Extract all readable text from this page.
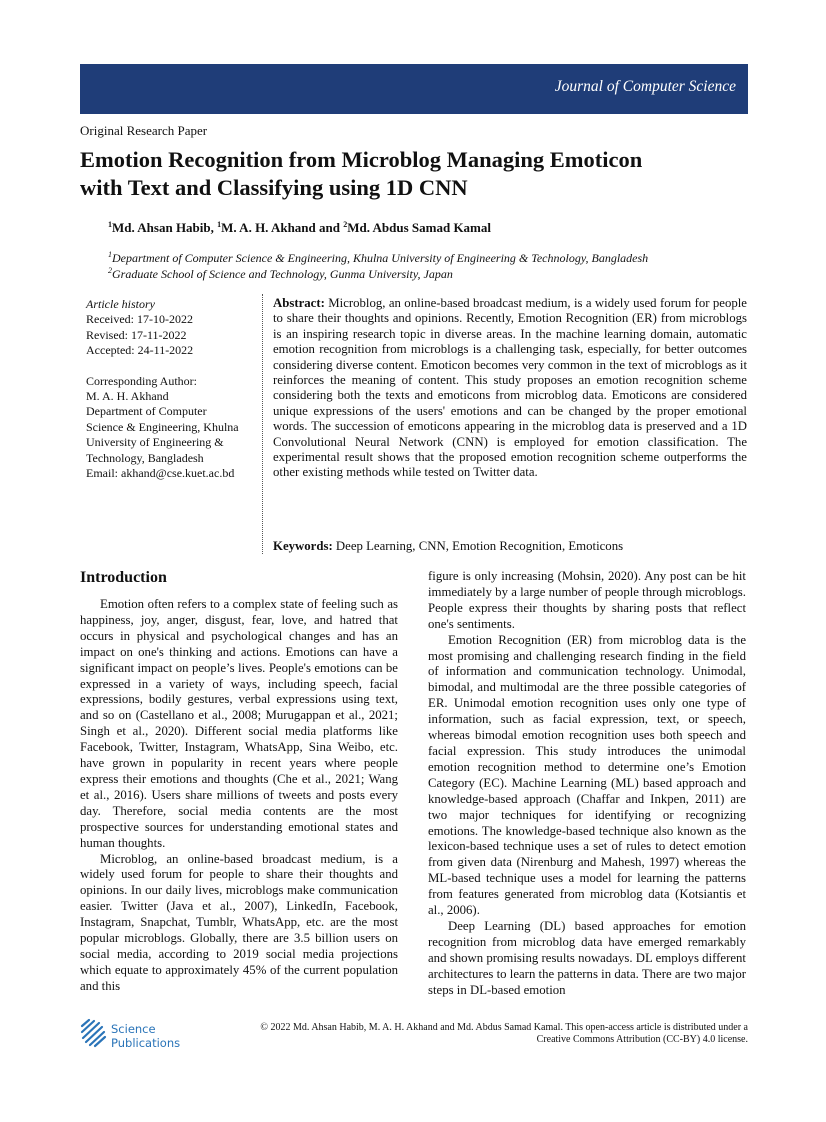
Journal of Computer Science
Original Research Paper
Emotion Recognition from Microblog Managing Emoticon
with Text and Classifying using 1D CNN
$^1$Md. Ahsan Habib, $^1$M. A. H. Akhand and $^2$Md. Abdus Samad Kamal
$^1$Department of Computer Science & Engineering, Khulna University of Engineering & Technology, Bangladesh
$^2$Graduate School of Science and Technology, Gunma University, Japan
Article history
Received: 17-10-2022
Revised: 17-11-2022
Accepted: 24-11-2022
Corresponding Author:
M. A. H. Akhand
Department of Computer
Science & Engineering, Khulna
University of Engineering &
Technology, Bangladesh
Email: akhand@cse.kuet.ac.bd

Abstract: Microblog, an online-based broadcast medium, is a widely used forum for people to share their thoughts and opinions. Recently, Emotion Recognition (ER) from microblogs is an inspiring research topic in diverse areas. In the machine learning domain, automatic emotion recognition from microblogs is a challenging task, especially, for better outcomes considering diverse content. Emoticon becomes very common in the text of microblogs as it reinforces the meaning of content. This study proposes an emotion recognition scheme considering both the texts and emoticons from microblog data. Emoticons are considered unique expressions of the users' emotions and can be changed by the proper emotional words. The succession of emoticons appearing in the microblog data is preserved and a 1D Convolutional Neural Network (CNN) is employed for emotion classification. The experimental result shows that the proposed emotion recognition scheme outperforms the other existing methods while tested on Twitter data.

Keywords: Deep Learning, CNN, Emotion Recognition, Emoticons
Introduction

Emotion often refers to a complex state of feeling such as happiness, joy, anger, disgust, fear, love, and hatred that occurs in physical and psychological changes and has an impact on one's thinking and actions. Emotions can have a significant impact on people’s lives. People's emotions can be expressed in a variety of ways, including speech, facial expressions, bodily gestures, verbal expressions using text, and so on (Castellano et al., 2008; Murugappan et al., 2021; Singh et al., 2020). Different social media platforms like Facebook, Twitter, Instagram, WhatsApp, Sina Weibo, etc. have grown in popularity in recent years where people express their emotions and thoughts (Che et al., 2021; Wang et al., 2016). Users share millions of tweets and posts every day. Therefore, social media contents are the most prospective sources for understanding emotional states and human thoughts.

Microblog, an online-based broadcast medium, is a widely used forum for people to share their thoughts and opinions. In our daily lives, microblogs make communication easier. Twitter (Java et al., 2007), LinkedIn, Facebook, Instagram, Snapchat, Tumblr, WhatsApp, etc. are the most popular microblogs. Globally, there are 3.5 billion users on social media, according to 2019 social media projections which equate to approximately 45% of the current population and this

figure is only increasing (Mohsin, 2020). Any post can be hit immediately by a large number of people through microblogs. People express their thoughts by sharing posts that reflect one's sentiments.

Emotion Recognition (ER) from microblog data is the most promising and challenging research finding in the field of information and communication technology. Unimodal, bimodal, and multimodal are the three possible categories of ER. Unimodal emotion recognition uses only one type of information, such as facial expression, text, or speech, whereas bimodal emotion recognition uses both speech and facial expression. This study introduces the unimodal emotion recognition method to determine one’s Emotion Category (EC). Machine Learning (ML) based approach and knowledge-based approach (Chaffar and Inkpen, 2011) are two major techniques for identifying or recognizing emotions. The knowledge-based technique also known as the lexicon-based technique uses a set of rules to detect emotion from given data (Nirenburg and Mahesh, 1997) whereas the ML-based technique uses a model for learning the patterns from features generated from microblog data (Kotsiantis et al., 2006).

Deep Learning (DL) based approaches for emotion recognition from microblog data have emerged remarkably and shown promising results nowadays. DL employs different architectures to learn the patterns in data. There are two major steps in DL-based emotion

Science
Publications
© 2022 Md. Ahsan Habib, M. A. H. Akhand and Md. Abdus Samad Kamal. This open-access article is distributed under a
Creative Commons Attribution (CC-BY) 4.0 license.
